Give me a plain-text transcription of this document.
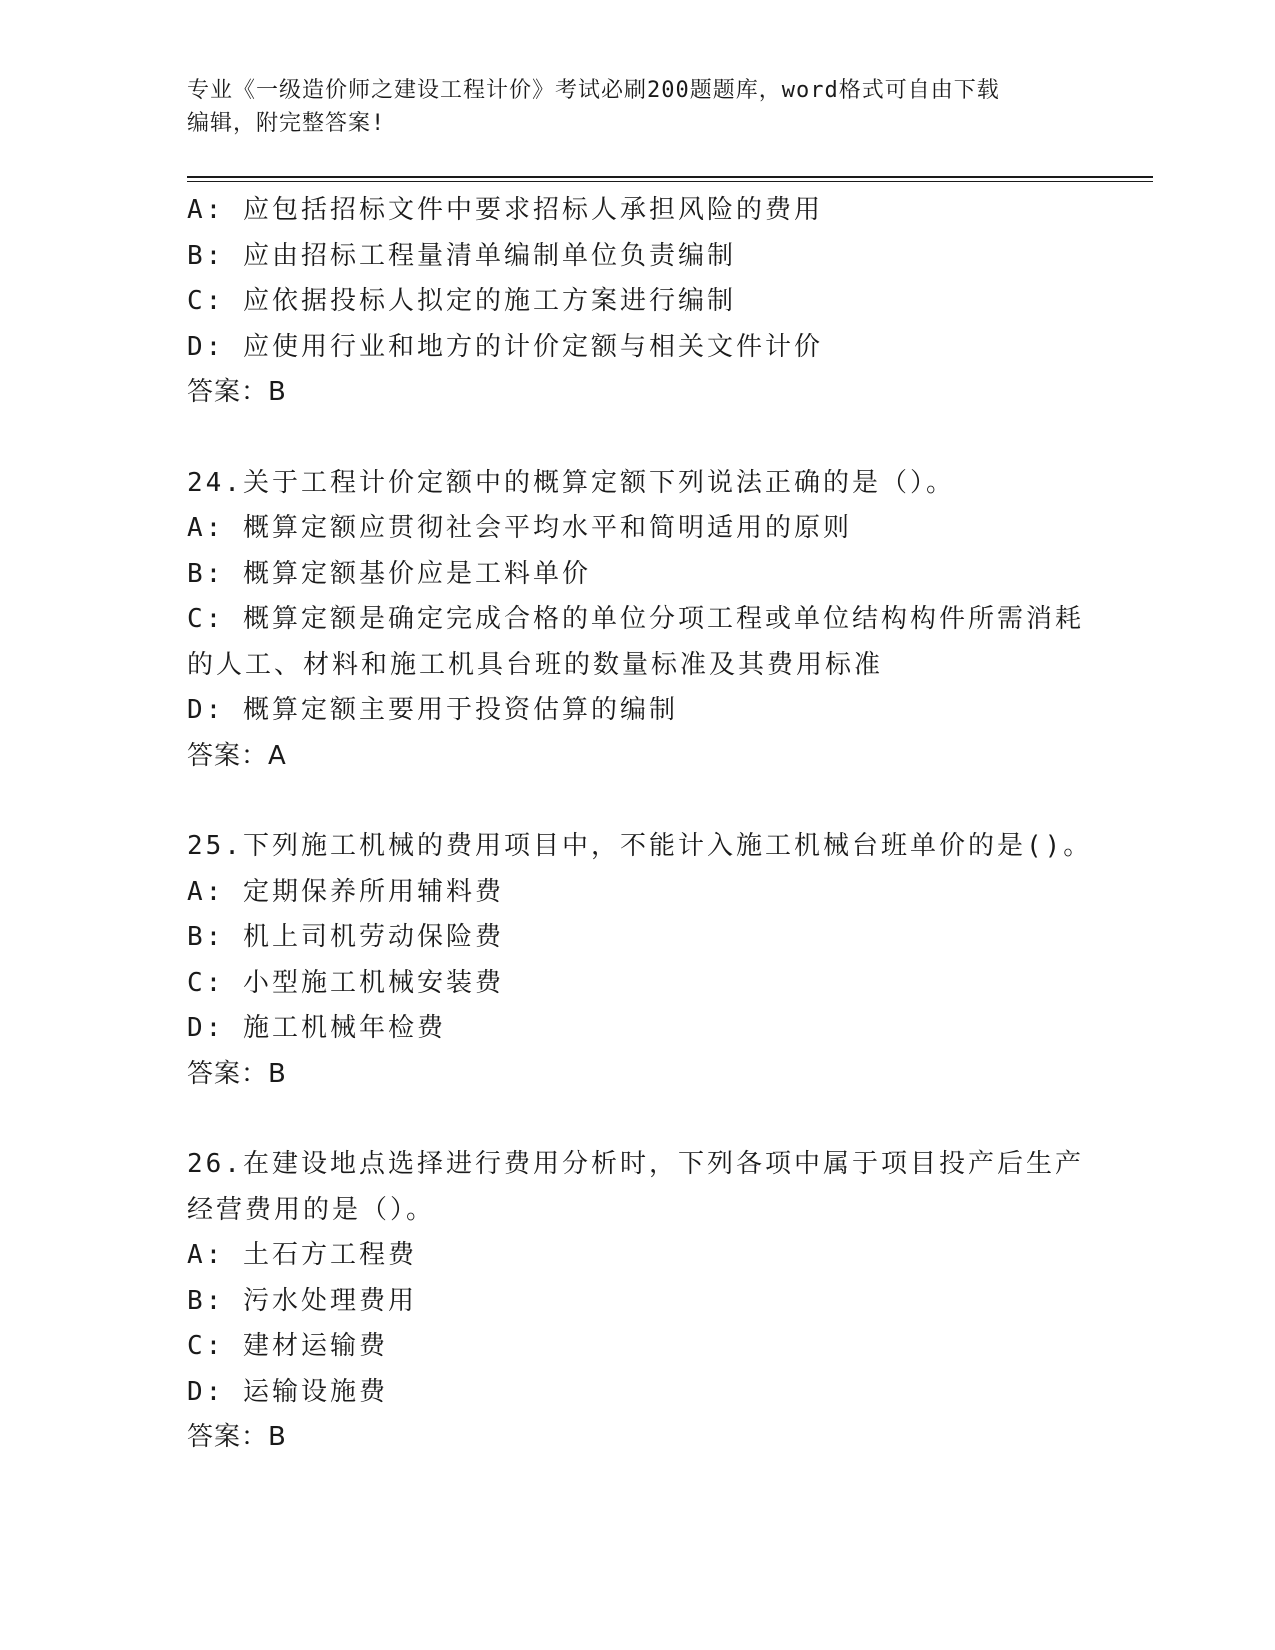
专业《一级造价师之建设工程计价》考试必刷200题题库，word格式可自由下载
编辑，附完整答案!
A: 应包括招标文件中要求招标人承担风险的费用
B: 应由招标工程量清单编制单位负责编制
C: 应依据投标人拟定的施工方案进行编制
D: 应使用行业和地方的计价定额与相关文件计价
答案：B
24.关于工程计价定额中的概算定额下列说法正确的是（）。
A: 概算定额应贯彻社会平均水平和简明适用的原则
B: 概算定额基价应是工料单价
C: 概算定额是确定完成合格的单位分项工程或单位结构构件所需消耗
的人工、材料和施工机具台班的数量标准及其费用标准
D: 概算定额主要用于投资估算的编制
答案：A
25.下列施工机械的费用项目中，不能计入施工机械台班单价的是()。
A: 定期保养所用辅料费
B: 机上司机劳动保险费
C: 小型施工机械安装费
D: 施工机械年检费
答案：B
26.在建设地点选择进行费用分析时，下列各项中属于项目投产后生产
经营费用的是（）。
A: 土石方工程费
B: 污水处理费用
C: 建材运输费
D: 运输设施费
答案：B
